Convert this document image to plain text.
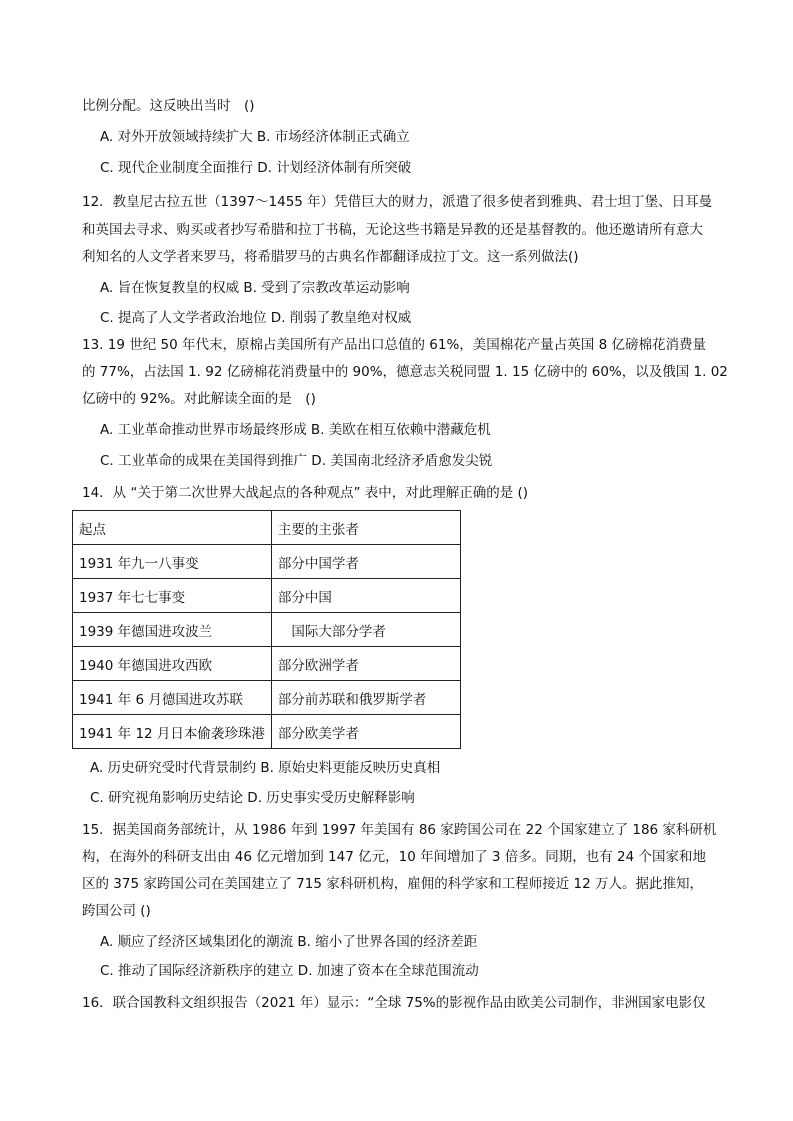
比例分配。这反映出当时　()
A. 对外开放领域持续扩大 B. 市场经济体制正式确立
C. 现代企业制度全面推行 D. 计划经济体制有所突破
12．教皇尼古拉五世（1397～1455 年）凭借巨大的财力，派遣了很多使者到雅典、君士坦丁堡、日耳曼
和英国去寻求、购买或者抄写希腊和拉丁书稿，无论这些书籍是异教的还是基督教的。他还邀请所有意大
利知名的人文学者来罗马，将希腊罗马的古典名作都翻译成拉丁文。这一系列做法()
A. 旨在恢复教皇的权威 B. 受到了宗教改革运动影响
C. 提高了人文学者政治地位 D. 削弱了教皇绝对权威
13. 19 世纪 50 年代末，原棉占美国所有产品出口总值的 61%，美国棉花产量占英国 8 亿磅棉花消费量
的 77%，占法国 1. 92 亿磅棉花消费量中的 90%，德意志关税同盟 1. 15 亿磅中的 60%，以及俄国 1. 02
亿磅中的 92%。对此解读全面的是　()
A. 工业革命推动世界市场最终形成 B. 美欧在相互依赖中潜藏危机
C. 工业革命的成果在美国得到推广 D. 美国南北经济矛盾愈发尖锐
14．从 “关于第二次世界大战起点的各种观点” 表中，对此理解正确的是 ()
起点	主要的主张者
1931 年九一八事变	部分中国学者
1937 年七七事变	部分中国
1939 年德国进攻波兰	　国际大部分学者
1940 年德国进攻西欧	部分欧洲学者
1941 年 6 月德国进攻苏联	部分前苏联和俄罗斯学者
1941 年 12 月日本偷袭珍珠港	部分欧美学者
A. 历史研究受时代背景制约 B. 原始史料更能反映历史真相
C. 研究视角影响历史结论 D. 历史事实受历史解释影响
15．据美国商务部统计，从 1986 年到 1997 年美国有 86 家跨国公司在 22 个国家建立了 186 家科研机
构，在海外的科研支出由 46 亿元增加到 147 亿元，10 年间增加了 3 倍多。同期，也有 24 个国家和地
区的 375 家跨国公司在美国建立了 715 家科研机构，雇佣的科学家和工程师接近 12 万人。据此推知，
跨国公司 ()
A. 顺应了经济区域集团化的潮流 B. 缩小了世界各国的经济差距
C. 推动了国际经济新秩序的建立 D. 加速了资本在全球范围流动
16．联合国教科文组织报告（2021 年）显示：“全球 75%的影视作品由欧美公司制作，非洲国家电影仅
